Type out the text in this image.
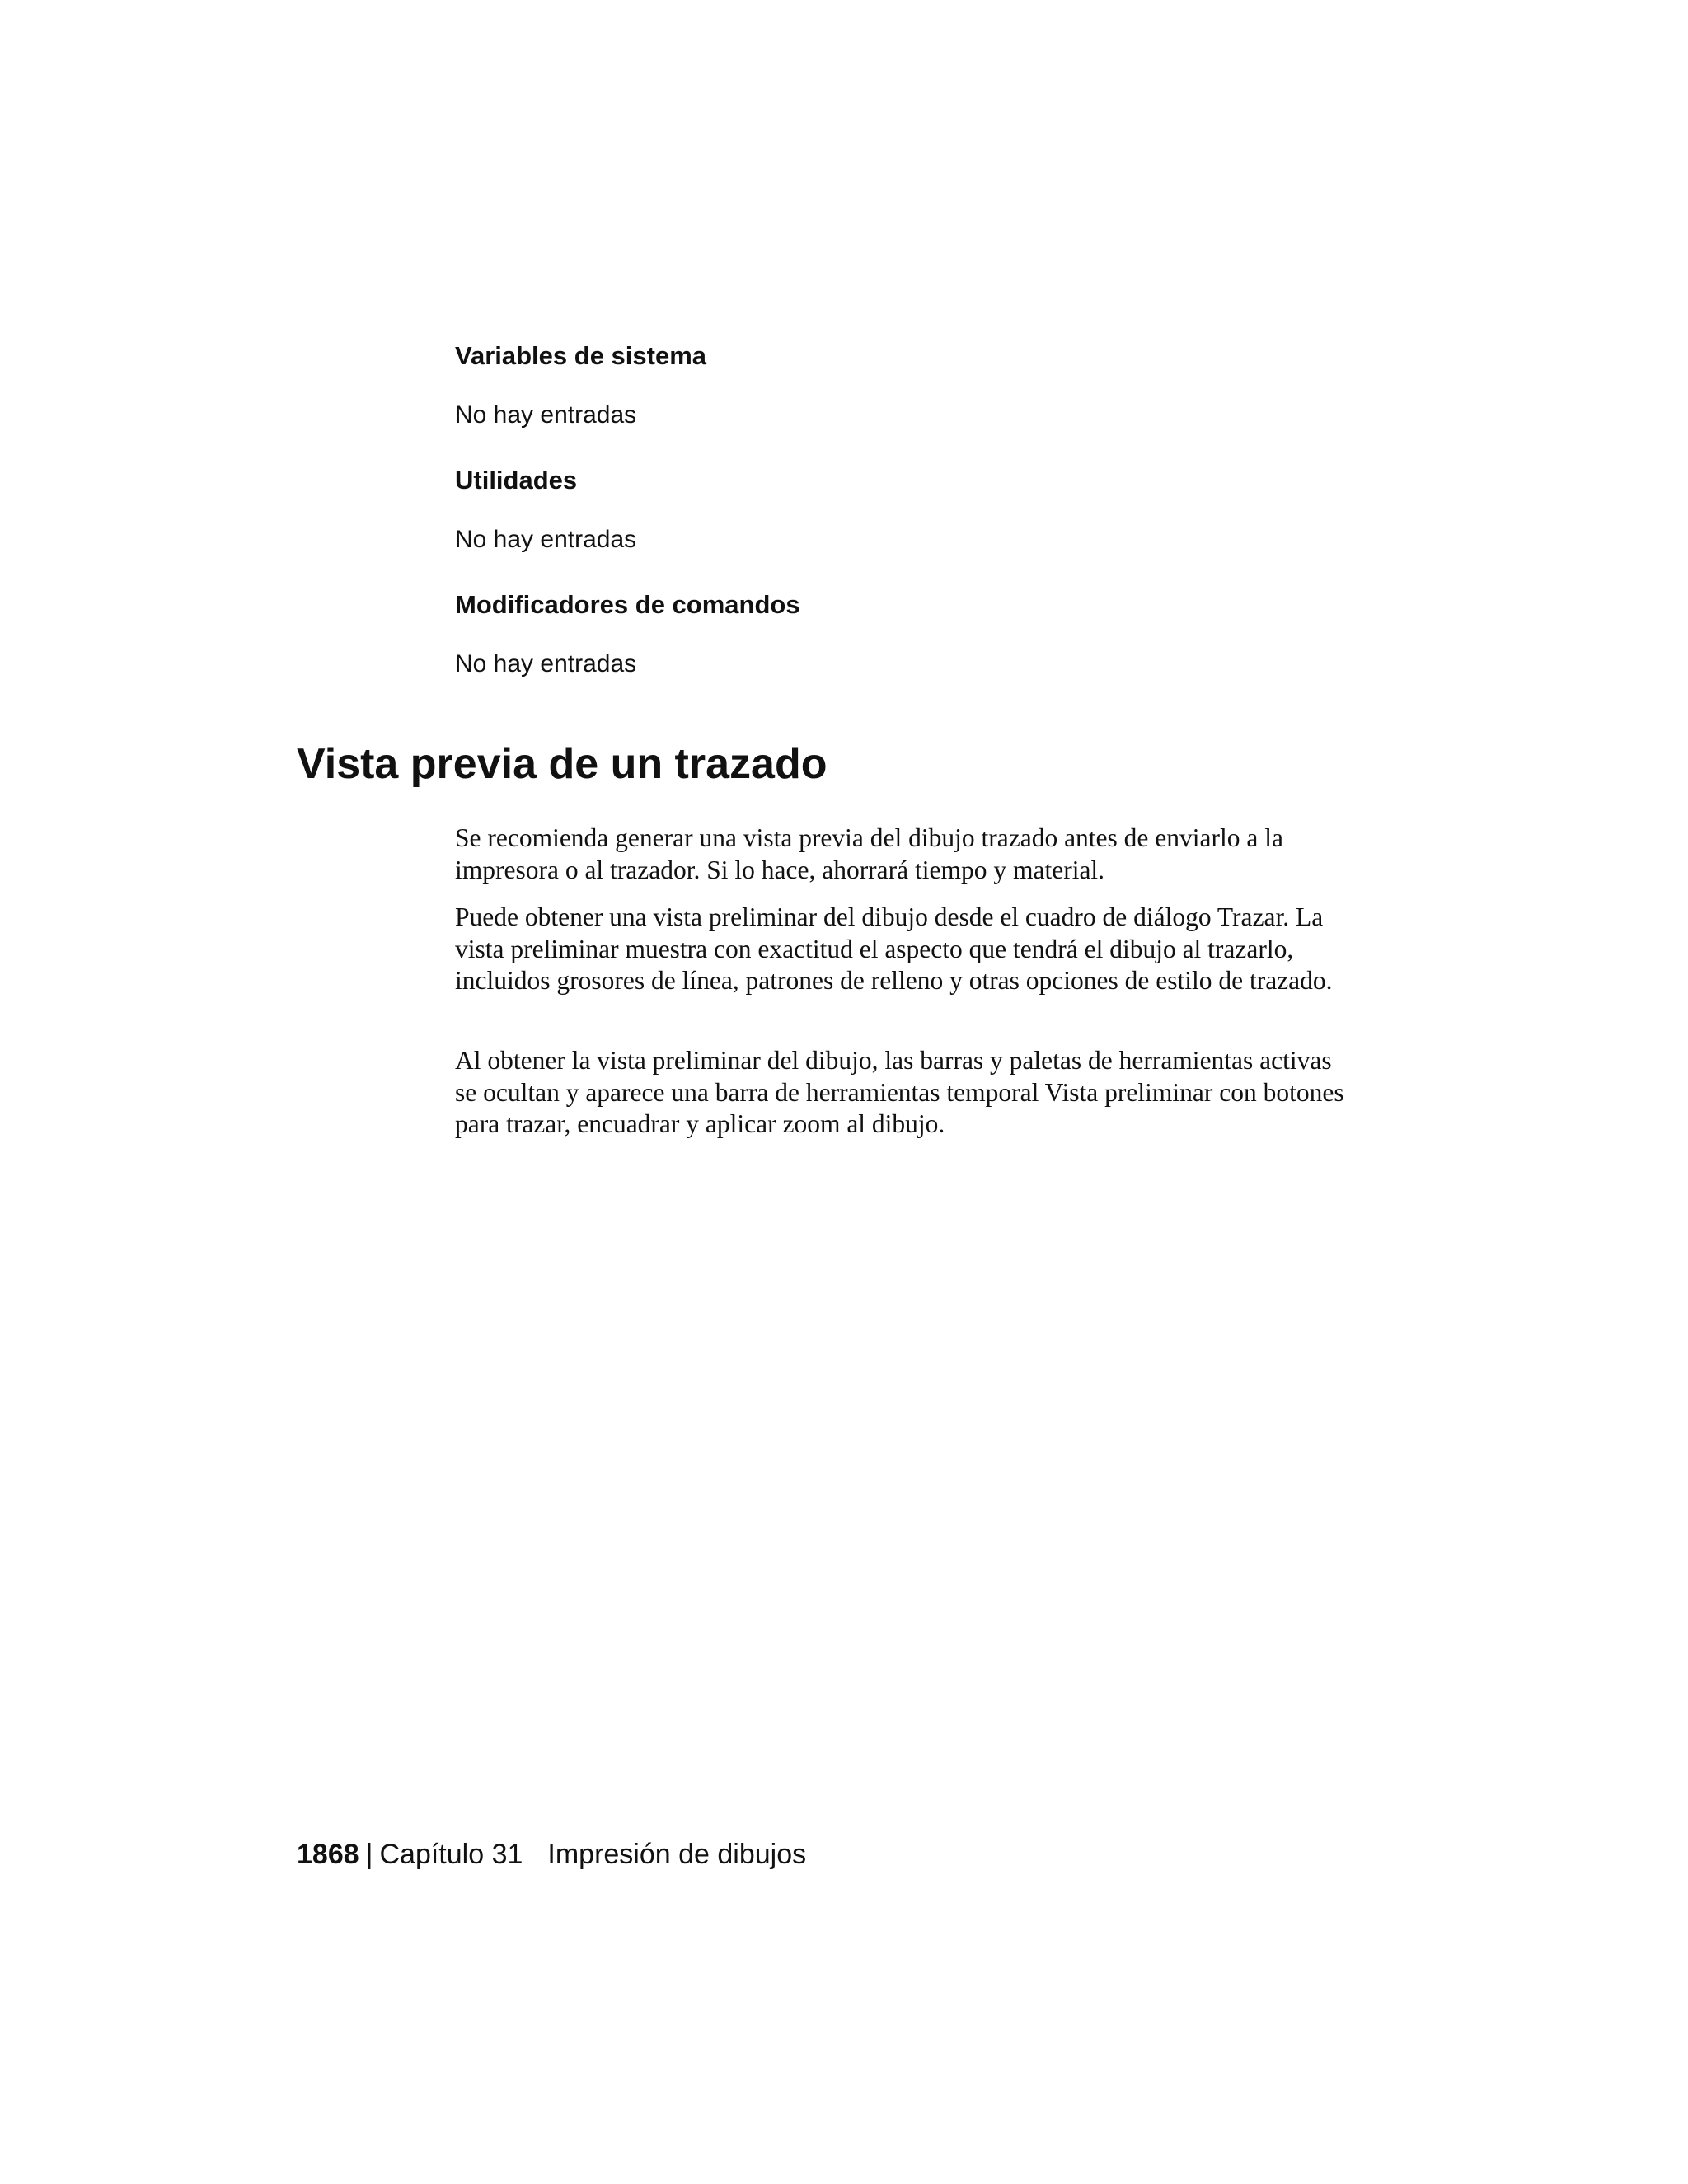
Variables de sistema

No hay entradas

Utilidades

No hay entradas

Modificadores de comandos

No hay entradas

Vista previa de un trazado

Se recomienda generar una vista previa del dibujo trazado antes de enviarlo a la impresora o al trazador. Si lo hace, ahorrará tiempo y material.

Puede obtener una vista preliminar del dibujo desde el cuadro de diálogo Trazar. La vista preliminar muestra con exactitud el aspecto que tendrá el dibujo al trazarlo, incluidos grosores de línea, patrones de relleno y otras opciones de estilo de trazado.

Al obtener la vista preliminar del dibujo, las barras y paletas de herramientas activas se ocultan y aparece una barra de herramientas temporal Vista preliminar con botones para trazar, encuadrar y aplicar zoom al dibujo.

1868 | Capítulo 31 Impresión de dibujos
